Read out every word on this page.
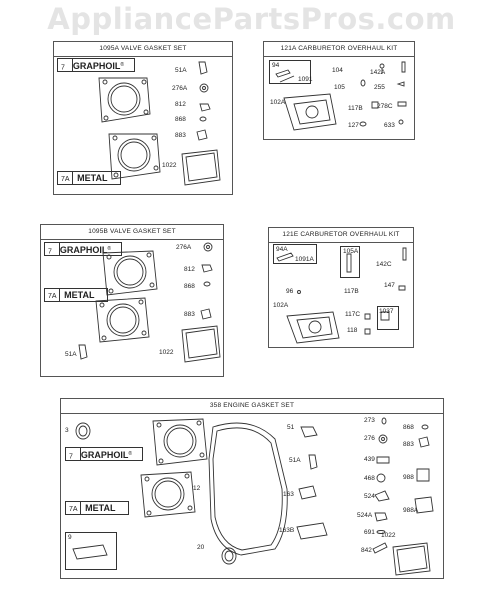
AppliancePartsPros.com
1095A VALVE GASKET SET
7 GRAPHOIL®
7A METAL
51A
276A
812
868
883
1022
121A CARBURETOR OVERHAUL KIT
94
1091
104	142A
105	255
102A
117B 278C
127	633
1095B VALVE GASKET SET
7 GRAPHOIL®
7A METAL
276A
812
868
883
51A	1022
121E CARBURETOR OVERHAUL KIT
94A
1091A
105A
142C
96	117B
147
102A
117C	1037
118
358 ENGINE GASKET SET
7 GRAPHOIL®
7A METAL
9
3
12
20
51
51A
163
163B
273
276
439
468
524
524A
691
842
868
883
988
988A
1022
